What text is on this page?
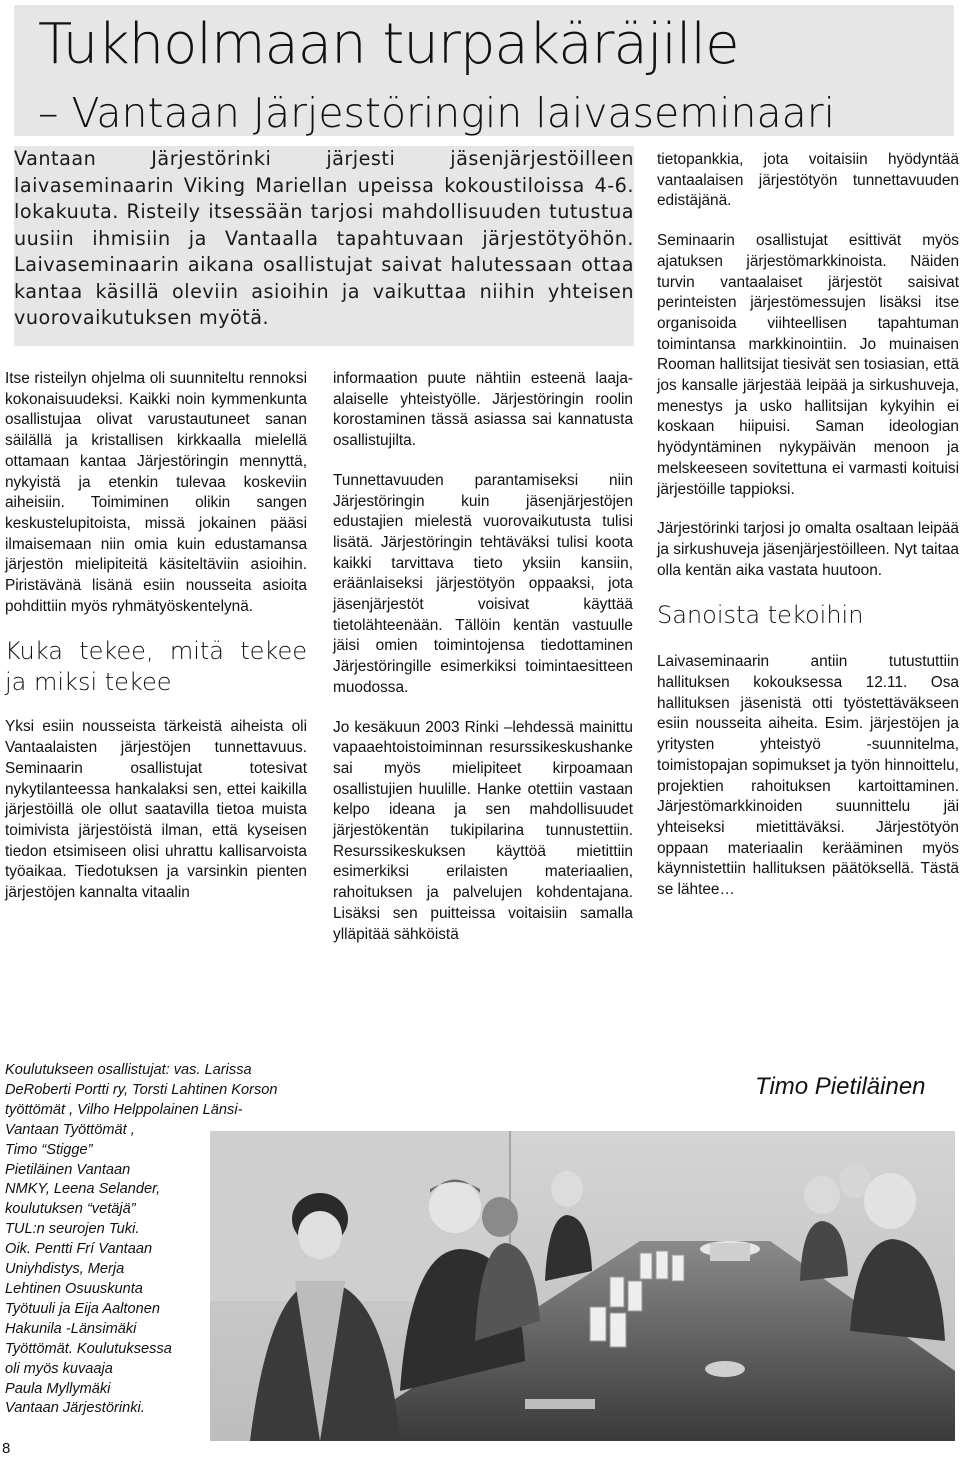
Tukholmaan turpakäräjille
– Vantaan Järjestöringin laivaseminaari

Vantaan Järjestörinki järjesti jäsenjärjestöilleen laivaseminaarin Viking Mariellan upeissa kokoustiloissa 4-6. lokakuuta. Risteily itsessään tarjosi mahdollisuuden tutustua uusiin ihmisiin ja Vantaalla tapahtuvaan järjestötyöhön. Laivaseminaarin aikana osallistujat saivat halutessaan ottaa kantaa käsillä oleviin asioihin ja vaikuttaa niihin yhteisen vuorovaikutuksen myötä.

Itse risteilyn ohjelma oli suunniteltu rennoksi kokonaisuudeksi. Kaikki noin kymmenkunta osallistujaa olivat varustautuneet sanan säilällä ja kristallisen kirkkaalla mielellä ottamaan kantaa Järjestöringin mennyttä, nykyistä ja etenkin tulevaa koskeviin aiheisiin. Toimiminen olikin sangen keskustelupitoista, missä jokainen pääsi ilmaisemaan niin omia kuin edustamansa järjestön mielipiteitä käsiteltäviin asioihin. Piristävänä lisänä esiin nousseita asioita pohdittiin myös ryhmätyöskentelynä.

Kuka tekee, mitä tekee ja miksi tekee

Yksi esiin nousseista tärkeistä aiheista oli Vantaalaisten järjestöjen tunnettavuus. Seminaarin osallistujat totesivat nykytilanteessa hankalaksi sen, ettei kaikilla järjestöillä ole ollut saatavilla tietoa muista toimivista järjestöistä ilman, että kyseisen tiedon etsimiseen olisi uhrattu kallisarvoista työaikaa. Tiedotuksen ja varsinkin pienten järjestöjen kannalta vitaalin

informaation puute nähtiin esteenä laaja-alaiselle yhteistyölle. Järjestöringin roolin korostaminen tässä asiassa sai kannatusta osallistujilta.

Tunnettavuuden parantamiseksi niin Järjestöringin kuin jäsenjärjestöjen edustajien mielestä vuorovaikutusta tulisi lisätä. Järjestöringin tehtäväksi tulisi koota kaikki tarvittava tieto yksiin kansiin, eräänlaiseksi järjestötyön oppaaksi, jota jäsenjärjestöt voisivat käyttää tietolähteenään. Tällöin kentän vastuulle jäisi omien toimintojensa tiedottaminen Järjestöringille esimerkiksi toimintaesitteen muodossa.

Jo kesäkuun 2003 Rinki –lehdessä mainittu vapaaehtoistoiminnan resurssikeskushanke sai myös mielipiteet kirpoamaan osallistujien huulille. Hanke otettiin vastaan kelpo ideana ja sen mahdollisuudet järjestökentän tukipilarina tunnustettiin. Resurssikeskuksen käyttöä mietittiin esimerkiksi erilaisten materiaalien, rahoituksen ja palvelujen kohdentajana. Lisäksi sen puitteissa voitaisiin samalla ylläpitää sähköistä

tietopankkia, jota voitaisiin hyödyntää vantaalaisen järjestötyön tunnettavuuden edistäjänä.

Seminaarin osallistujat esittivät myös ajatuksen järjestömarkkinoista. Näiden turvin vantaalaiset järjestöt saisivat perinteisten järjestömessujen lisäksi itse organisoida viihteellisen tapahtuman toimintansa markkinointiin. Jo muinaisen Rooman hallitsijat tiesivät sen tosiasian, että jos kansalle järjestää leipää ja sirkushuveja, menestys ja usko hallitsijan kykyihin ei koskaan hiipuisi. Saman ideologian hyödyntäminen nykypäivän menoon ja melskeeseen sovitettuna ei varmasti koituisi järjestöille tappioksi.

Järjestörinki tarjosi jo omalta osaltaan leipää ja sirkushuveja jäsenjärjestöilleen. Nyt taitaa olla kentän aika vastata huutoon.

Sanoista tekoihin

Laivaseminaarin antiin tutustuttiin hallituksen kokouksessa 12.11. Osa hallituksen jäsenistä otti työstettäväkseen esiin nousseita aiheita. Esim. järjestöjen ja yritysten yhteistyö -suunnitelma, toimistopajan sopimukset ja työn hinnoittelu, projektien rahoituksen kartoittaminen. Järjestömarkkinoiden suunnittelu jäi yhteiseksi mietittäväksi. Järjestötyön oppaan materiaalin kerääminen myös käynnistettiin hallituksen päätöksellä. Tästä se lähtee…

Timo Pietiläinen
Koulutukseen osallistujat: vas. Larissa
DeRoberti Portti ry, Torsti Lahtinen Korson
työttömät , Vilho Helppolainen Länsi-
Vantaan Työttömät ,
Timo “Stigge”
Pietiläinen Vantaan
NMKY, Leena Selander,
koulutuksen “vetäjä”
TUL:n seurojen Tuki.
Oik. Pentti Frí Vantaan
Uniyhdistys, Merja
Lehtinen Osuuskunta
Työtuuli ja Eija Aaltonen
Hakunila -Länsimäki
Työttömät. Koulutuksessa
oli myös kuvaaja
Paula Myllymäki
Vantaan Järjestörinki.
8
